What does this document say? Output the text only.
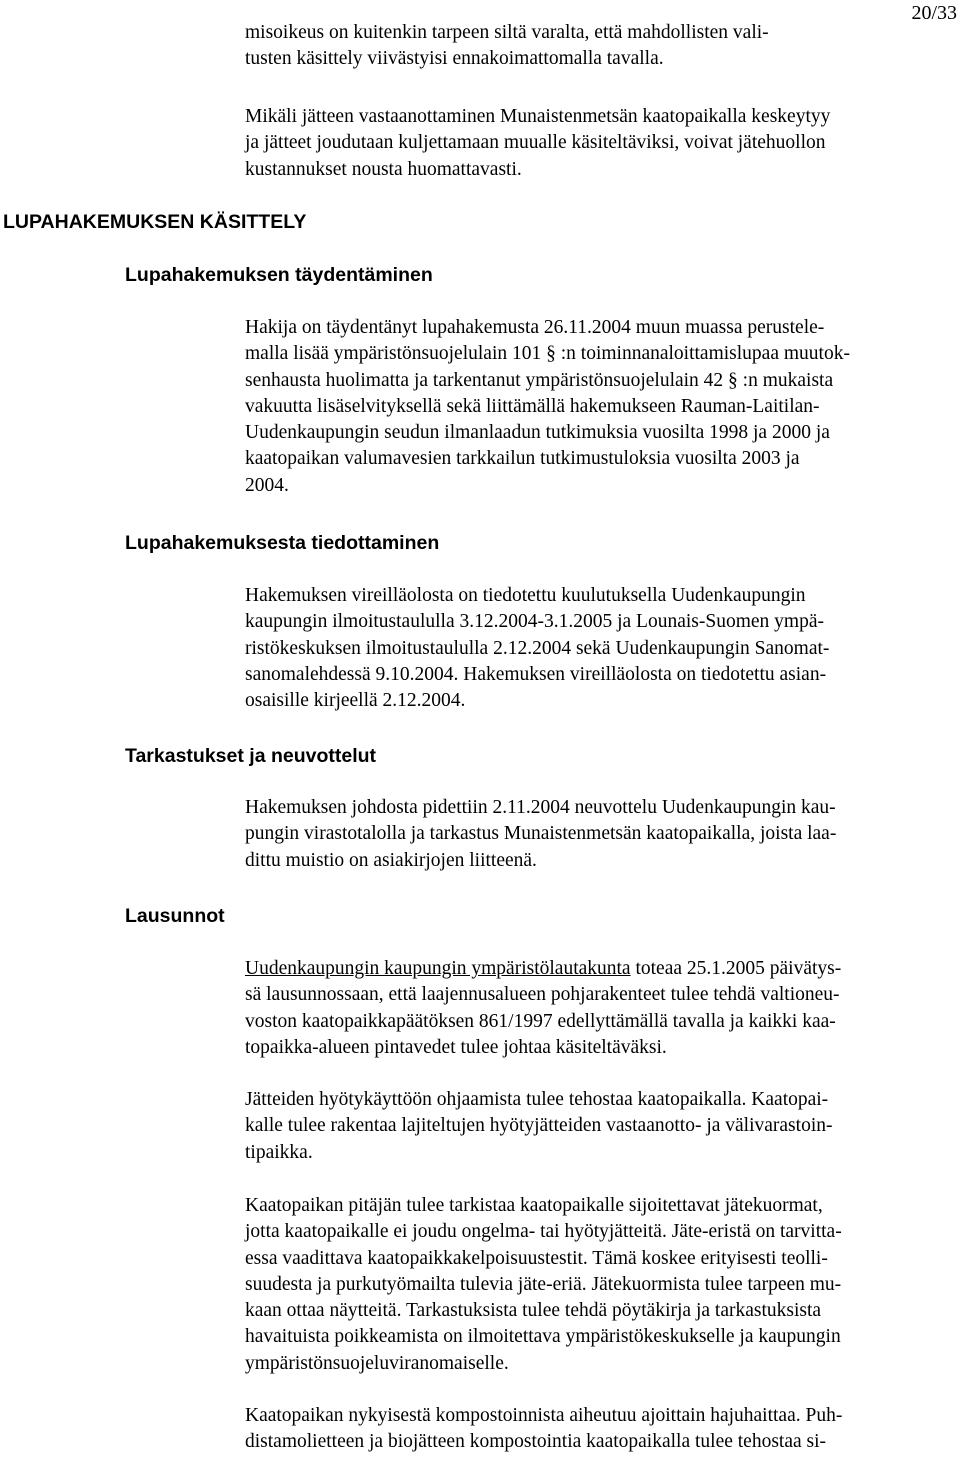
20/33
misoikeus on kuitenkin tarpeen siltä varalta, että mahdollisten vali-
tusten käsittely viivästyisi ennakoimattomalla tavalla.
Mikäli jätteen vastaanottaminen Munaistenmetsän kaatopaikalla keskeytyy
ja jätteet joudutaan kuljettamaan muualle käsiteltäviksi, voivat jätehuollon
kustannukset nousta huomattavasti.
LUPAHAKEMUKSEN KÄSITTELY
Lupahakemuksen täydentäminen
Hakija on täydentänyt lupahakemusta 26.11.2004 muun muassa perustele-
malla lisää ympäristönsuojelulain 101 § :n toiminnanaloittamislupaa muutok-
senhausta huolimatta ja tarkentanut ympäristönsuojelulain 42 § :n mukaista
vakuutta lisäselvityksellä sekä liittämällä hakemukseen Rauman-Laitilan-
Uudenkaupungin seudun ilmanlaadun tutkimuksia vuosilta 1998 ja 2000 ja
kaatopaikan valumavesien tarkkailun tutkimustuloksia vuosilta 2003 ja
2004.
Lupahakemuksesta tiedottaminen
Hakemuksen vireilläolosta on tiedotettu kuulutuksella Uudenkaupungin
kaupungin ilmoitustaululla 3.12.2004-3.1.2005 ja Lounais-Suomen ympä-
ristökeskuksen ilmoitustaululla 2.12.2004 sekä Uudenkaupungin Sanomat-
sanomalehdessä 9.10.2004. Hakemuksen vireilläolosta on tiedotettu asian-
osaisille kirjeellä 2.12.2004.
Tarkastukset ja neuvottelut
Hakemuksen johdosta pidettiin 2.11.2004 neuvottelu Uudenkaupungin kau-
pungin virastotalolla ja tarkastus Munaistenmetsän kaatopaikalla, joista laa-
dittu muistio on asiakirjojen liitteenä.
Lausunnot
Uudenkaupungin kaupungin ympäristölautakunta toteaa 25.1.2005 päivätys-
sä lausunnossaan, että laajennusalueen pohjarakenteet tulee tehdä valtioneu-
voston kaatopaikkapäätöksen 861/1997 edellyttämällä tavalla ja kaikki kaa-
topaikka-alueen pintavedet tulee johtaa käsiteltäväksi.
Jätteiden hyötykäyttöön ohjaamista tulee tehostaa kaatopaikalla. Kaatopai-
kalle tulee rakentaa lajiteltujen hyötyjätteiden vastaanotto- ja välivarastoin-
tipaikka.
Kaatopaikan pitäjän tulee tarkistaa kaatopaikalle sijoitettavat jätekuormat,
jotta kaatopaikalle ei joudu ongelma- tai hyötyjätteitä. Jäte-eristä on tarvitta-
essa vaadittava kaatopaikkakelpoisuustestit. Tämä koskee erityisesti teolli-
suudesta ja purkutyömailta tulevia jäte-eriä. Jätekuormista tulee tarpeen mu-
kaan ottaa näytteitä. Tarkastuksista tulee tehdä pöytäkirja ja tarkastuksista
havaituista poikkeamista on ilmoitettava ympäristökeskukselle ja kaupungin
ympäristönsuojeluviranomaiselle.
Kaatopaikan nykyisestä kompostoinnista aiheutuu ajoittain hajuhaittaa. Puh-
distamolietteen ja biojätteen kompostointia kaatopaikalla tulee tehostaa si-
